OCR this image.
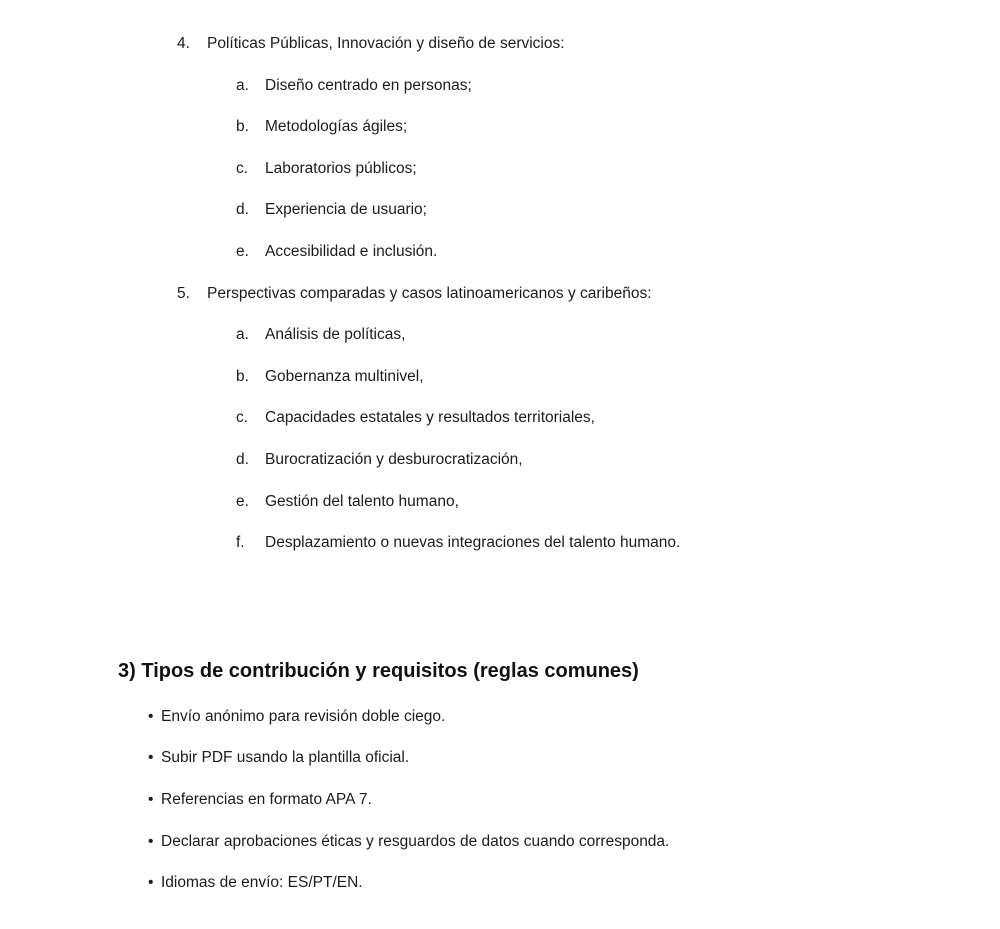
4.	Políticas Públicas, Innovación y diseño de servicios:
a.	Diseño centrado en personas;
b.	Metodologías ágiles;
c.	Laboratorios públicos;
d.	Experiencia de usuario;
e.	Accesibilidad e inclusión.
5.	Perspectivas comparadas y casos latinoamericanos y caribeños:
a.	Análisis de políticas,
b.	Gobernanza multinivel,
c.	Capacidades estatales y resultados territoriales,
d.	Burocratización y desburocratización,
e.	Gestión del talento humano,
f.	Desplazamiento o nuevas integraciones del talento humano.
3) Tipos de contribución y requisitos (reglas comunes)
• Envío anónimo para revisión doble ciego.
• Subir PDF usando la plantilla oficial.
• Referencias en formato APA 7.
• Declarar aprobaciones éticas y resguardos de datos cuando corresponda.
• Idiomas de envío: ES/PT/EN.
